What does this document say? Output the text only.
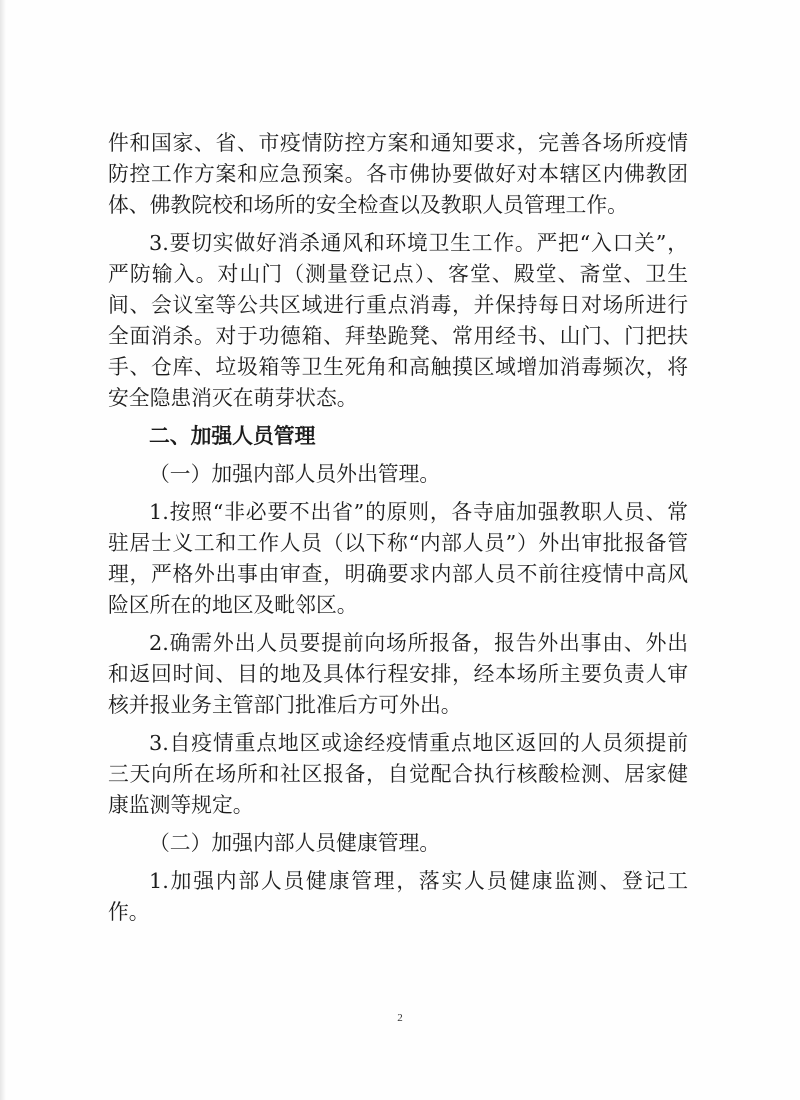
件和国家、省、市疫情防控方案和通知要求，完善各场所疫情防控工作方案和应急预案。各市佛协要做好对本辖区内佛教团体、佛教院校和场所的安全检查以及教职人员管理工作。

3.要切实做好消杀通风和环境卫生工作。严把“入口关”，严防输入。对山门（测量登记点）、客堂、殿堂、斋堂、卫生间、会议室等公共区域进行重点消毒，并保持每日对场所进行全面消杀。对于功德箱、拜垫跪凳、常用经书、山门、门把扶手、仓库、垃圾箱等卫生死角和高触摸区域增加消毒频次，将安全隐患消灭在萌芽状态。

二、加强人员管理

（一）加强内部人员外出管理。

1.按照“非必要不出省”的原则，各寺庙加强教职人员、常驻居士义工和工作人员（以下称“内部人员”）外出审批报备管理，严格外出事由审查，明确要求内部人员不前往疫情中高风险区所在的地区及毗邻区。

2.确需外出人员要提前向场所报备，报告外出事由、外出和返回时间、目的地及具体行程安排，经本场所主要负责人审核并报业务主管部门批准后方可外出。

3.自疫情重点地区或途经疫情重点地区返回的人员须提前三天向所在场所和社区报备，自觉配合执行核酸检测、居家健康监测等规定。

（二）加强内部人员健康管理。

1.加强内部人员健康管理，落实人员健康监测、登记工作。

2
